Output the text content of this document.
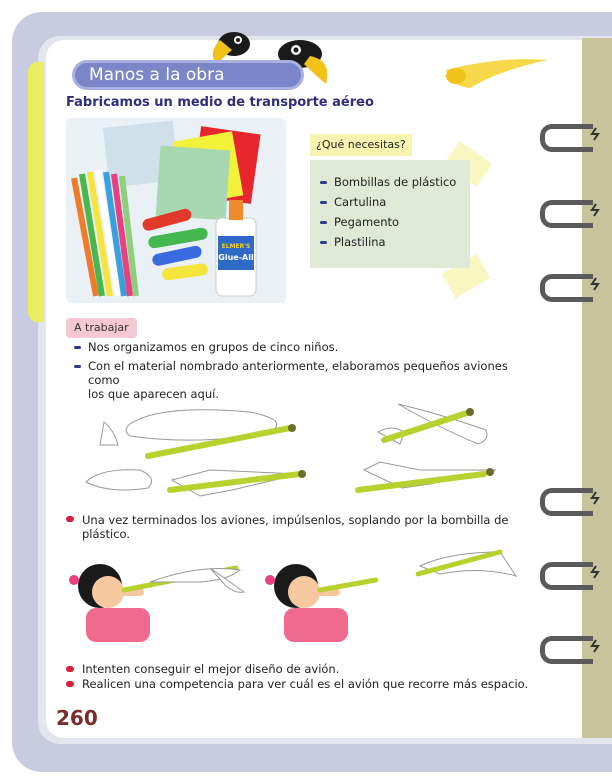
Manos a la obra
Fabricamos un medio de transporte aéreo
ELMER'S
Glue-All
¿Qué necesitas?
Bombillas de plástico
Cartulina
Pegamento
Plastilina
A trabajar
Nos organizamos en grupos de cinco niños.
Con el material nombrado anteriormente, elaboramos pequeños aviones como
los que aparecen aquí.
Una vez terminados los aviones, impúlsenlos, soplando por la bombilla de
plástico.
Intenten conseguir el mejor diseño de avión.
Realicen una competencia para ver cuál es el avión que recorre más espacio.
260
